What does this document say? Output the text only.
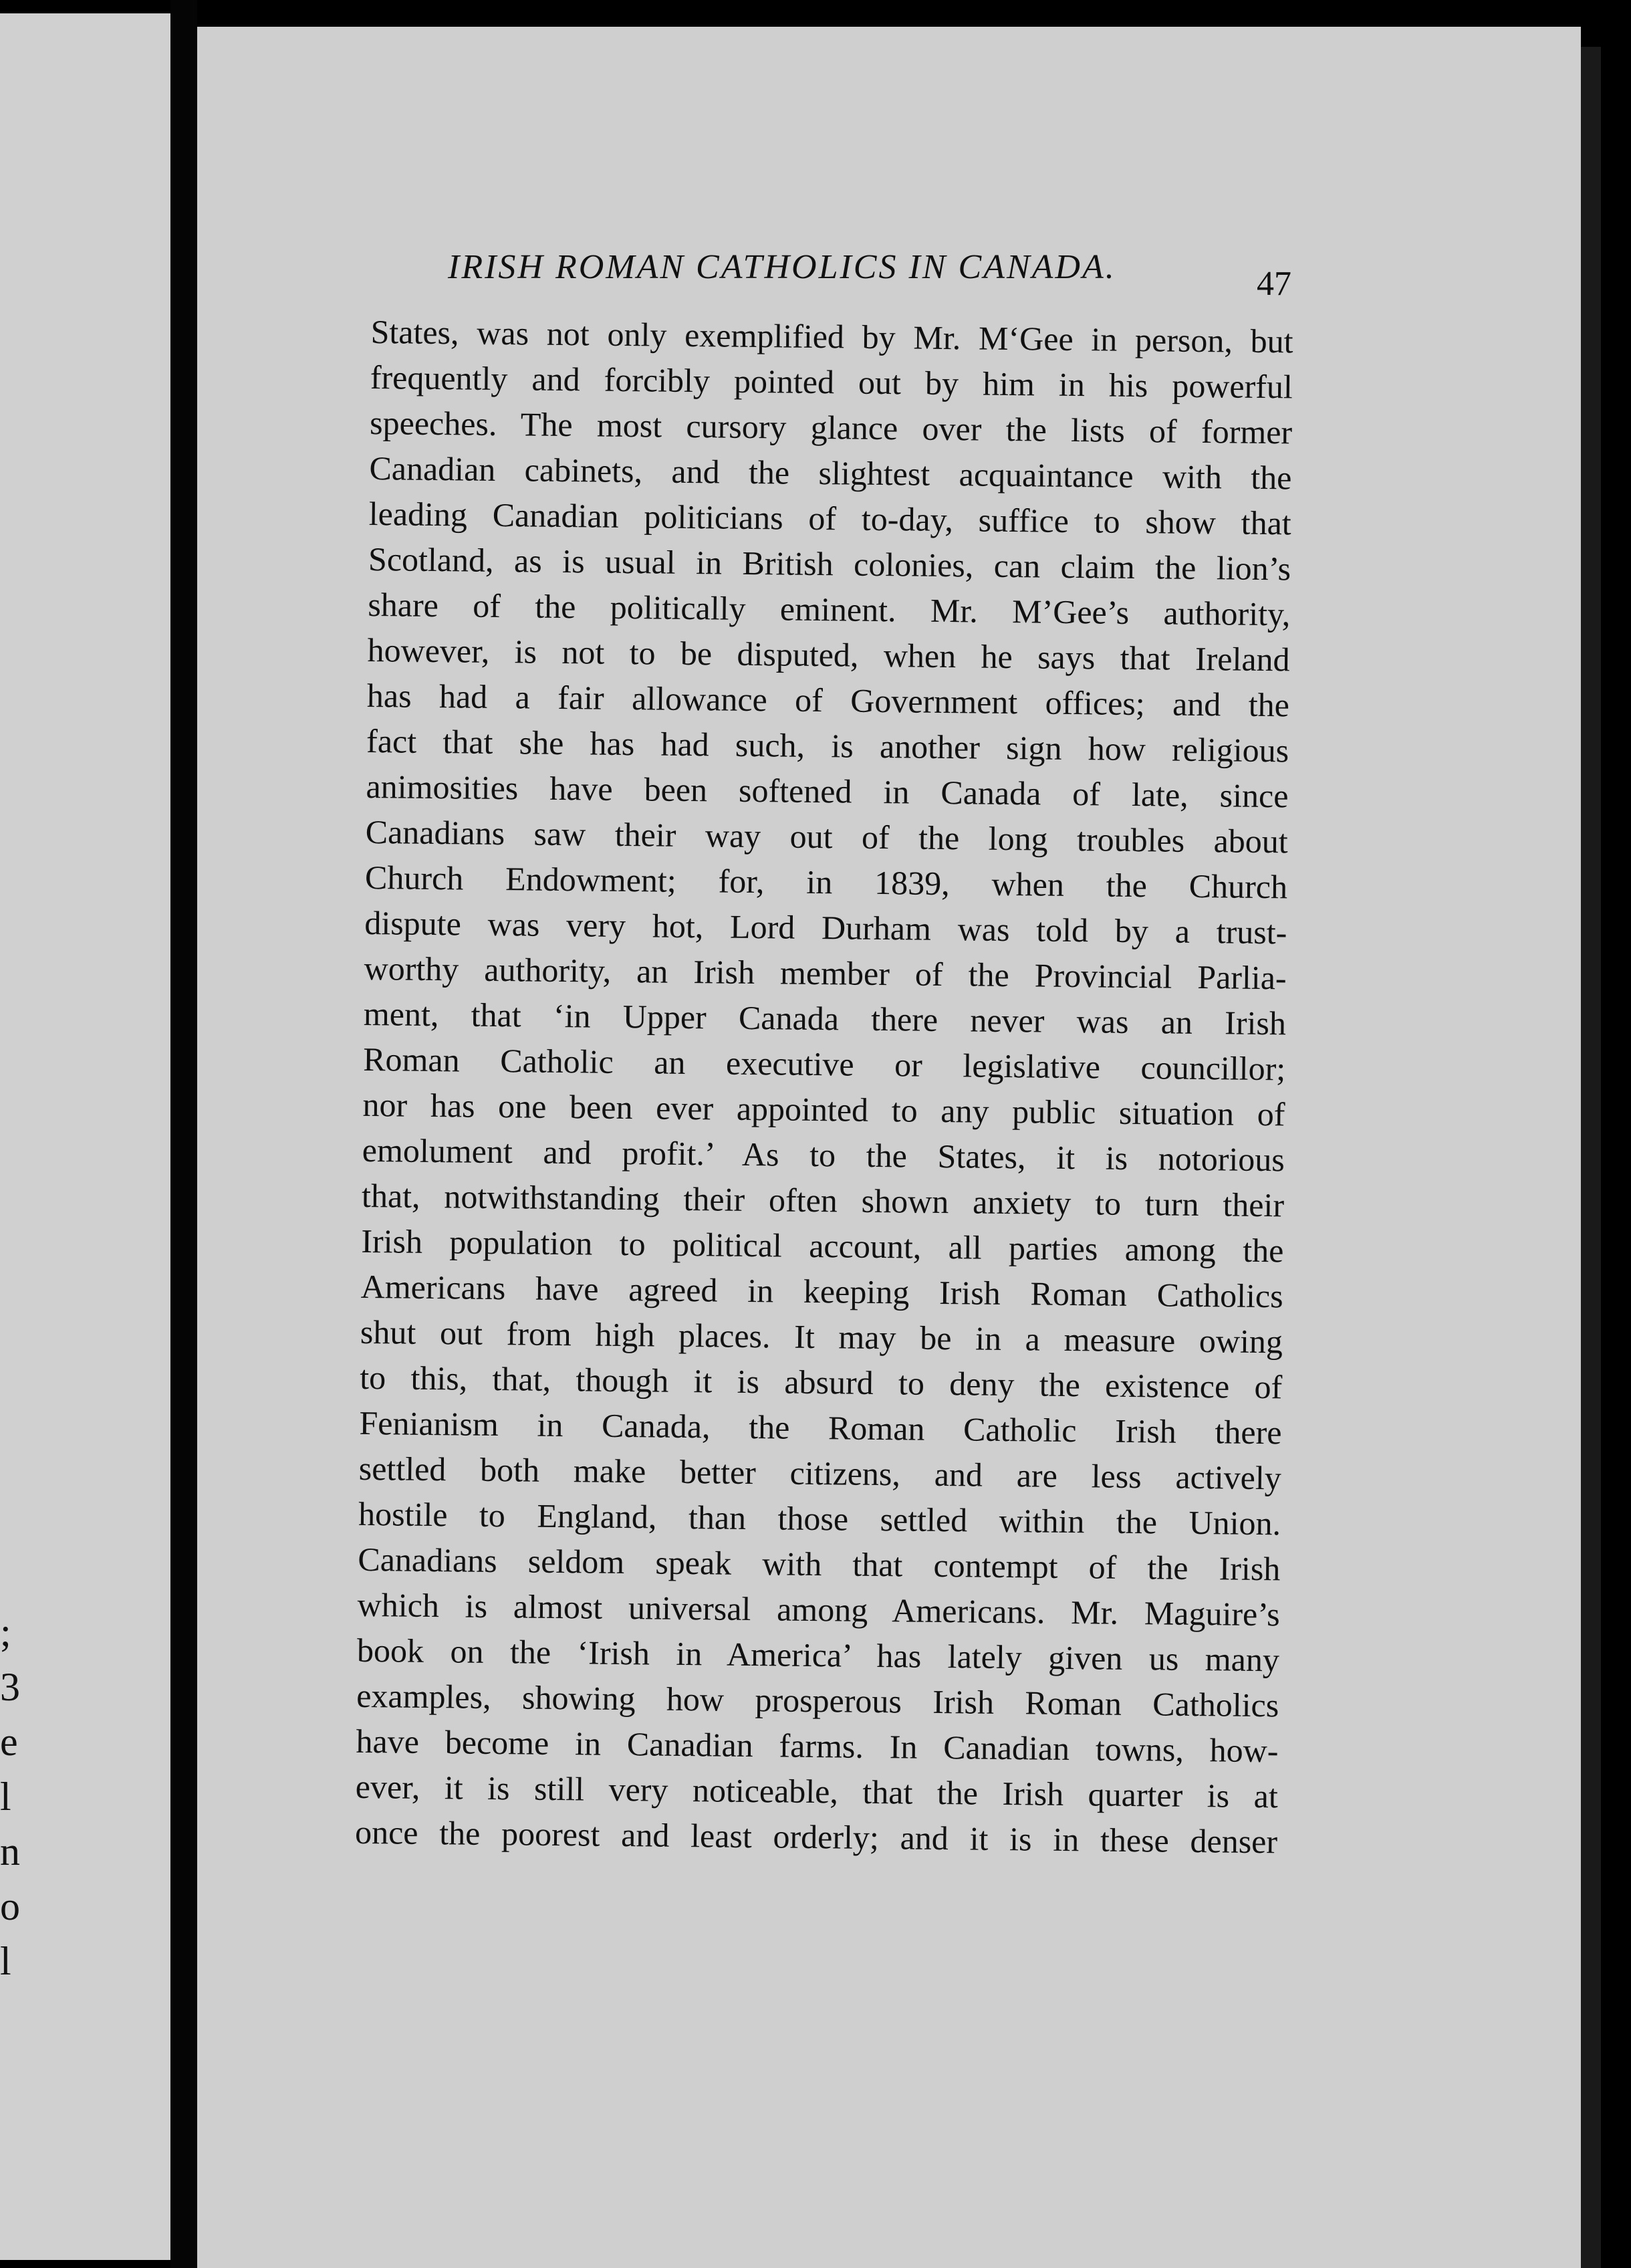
;
3
e
l
n
o
l
IRISH ROMAN CATHOLICS IN CANADA.	47
States, was not only exemplified by Mr. M‘Gee in person, but
frequently and forcibly pointed out by him in his powerful
speeches. The most cursory glance over the lists of former
Canadian cabinets, and the slightest acquaintance with the
leading Canadian politicians of to-day, suffice to show that
Scotland, as is usual in British colonies, can claim the lion’s
share of the politically eminent. Mr. M’Gee’s authority,
however, is not to be disputed, when he says that Ireland
has had a fair allowance of Government offices; and the
fact that she has had such, is another sign how religious
animosities have been softened in Canada of late, since
Canadians saw their way out of the long troubles about
Church Endowment; for, in 1839, when the Church
dispute was very hot, Lord Durham was told by a trust-
worthy authority, an Irish member of the Provincial Parlia-
ment, that ‘in Upper Canada there never was an Irish
Roman Catholic an executive or legislative councillor;
nor has one been ever appointed to any public situation of
emolument and profit.’ As to the States, it is notorious
that, notwithstanding their often shown anxiety to turn their
Irish population to political account, all parties among the
Americans have agreed in keeping Irish Roman Catholics
shut out from high places. It may be in a measure owing
to this, that, though it is absurd to deny the existence of
Fenianism in Canada, the Roman Catholic Irish there
settled both make better citizens, and are less actively
hostile to England, than those settled within the Union.
Canadians seldom speak with that contempt of the Irish
which is almost universal among Americans. Mr. Maguire’s
book on the ‘Irish in America’ has lately given us many
examples, showing how prosperous Irish Roman Catholics
have become in Canadian farms. In Canadian towns, how-
ever, it is still very noticeable, that the Irish quarter is at
once the poorest and least orderly; and it is in these denser
